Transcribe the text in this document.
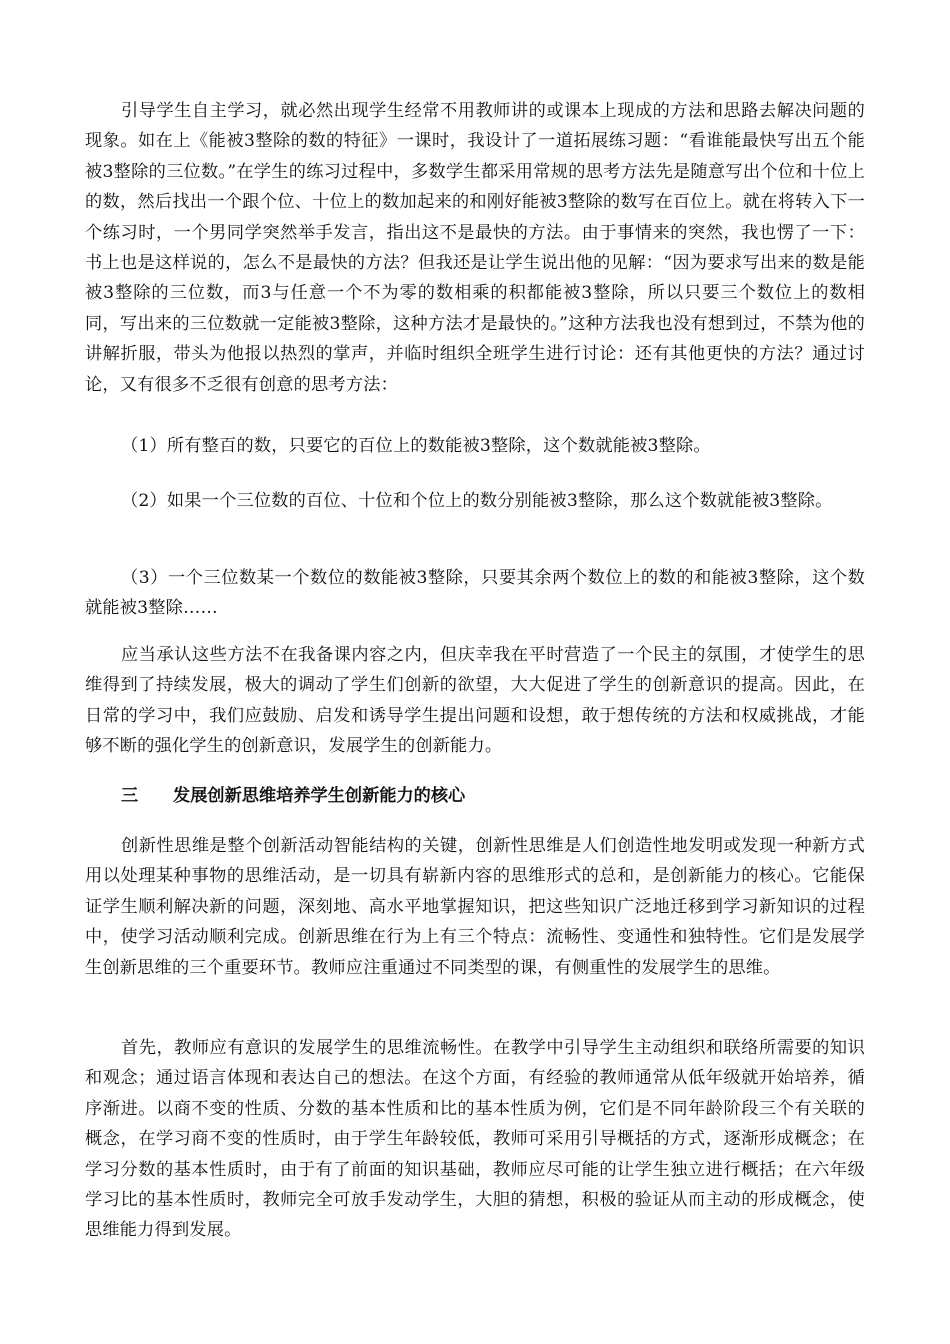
引导学生自主学习，就必然出现学生经常不用教师讲的或课本上现成的方法和思路去解决问题的现象。如在上《能被3整除的数的特征》一课时，我设计了一道拓展练习题：“看谁能最快写出五个能被3整除的三位数。”在学生的练习过程中，多数学生都采用常规的思考方法先是随意写出个位和十位上的数，然后找出一个跟个位、十位上的数加起来的和刚好能被3整除的数写在百位上。就在将转入下一个练习时，一个男同学突然举手发言，指出这不是最快的方法。由于事情来的突然，我也愣了一下：书上也是这样说的，怎么不是最快的方法？但我还是让学生说出他的见解：“因为要求写出来的数是能被3整除的三位数，而3与任意一个不为零的数相乘的积都能被3整除，所以只要三个数位上的数相同，写出来的三位数就一定能被3整除，这种方法才是最快的。”这种方法我也没有想到过，不禁为他的讲解折服，带头为他报以热烈的掌声，并临时组织全班学生进行讨论：还有其他更快的方法？通过讨论，又有很多不乏很有创意的思考方法：

（1）所有整百的数，只要它的百位上的数能被3整除，这个数就能被3整除。

（2）如果一个三位数的百位、十位和个位上的数分别能被3整除，那么这个数就能被3整除。

（3）一个三位数某一个数位的数能被3整除，只要其余两个数位上的数的和能被3整除，这个数就能被3整除……

应当承认这些方法不在我备课内容之内，但庆幸我在平时营造了一个民主的氛围，才使学生的思维得到了持续发展，极大的调动了学生们创新的欲望，大大促进了学生的创新意识的提高。因此，在日常的学习中，我们应鼓励、启发和诱导学生提出问题和设想，敢于想传统的方法和权威挑战，才能够不断的强化学生的创新意识，发展学生的创新能力。

三 发展创新思维培养学生创新能力的核心

创新性思维是整个创新活动智能结构的关键，创新性思维是人们创造性地发明或发现一种新方式用以处理某种事物的思维活动，是一切具有崭新内容的思维形式的总和，是创新能力的核心。它能保证学生顺利解决新的问题，深刻地、高水平地掌握知识，把这些知识广泛地迁移到学习新知识的过程中，使学习活动顺利完成。创新思维在行为上有三个特点：流畅性、变通性和独特性。它们是发展学生创新思维的三个重要环节。教师应注重通过不同类型的课，有侧重性的发展学生的思维。

首先，教师应有意识的发展学生的思维流畅性。在教学中引导学生主动组织和联络所需要的知识和观念；通过语言体现和表达自己的想法。在这个方面，有经验的教师通常从低年级就开始培养，循序渐进。以商不变的性质、分数的基本性质和比的基本性质为例，它们是不同年龄阶段三个有关联的概念，在学习商不变的性质时，由于学生年龄较低，教师可采用引导概括的方式，逐渐形成概念；在学习分数的基本性质时，由于有了前面的知识基础，教师应尽可能的让学生独立进行概括；在六年级学习比的基本性质时，教师完全可放手发动学生，大胆的猜想，积极的验证从而主动的形成概念，使思维能力得到发展。
